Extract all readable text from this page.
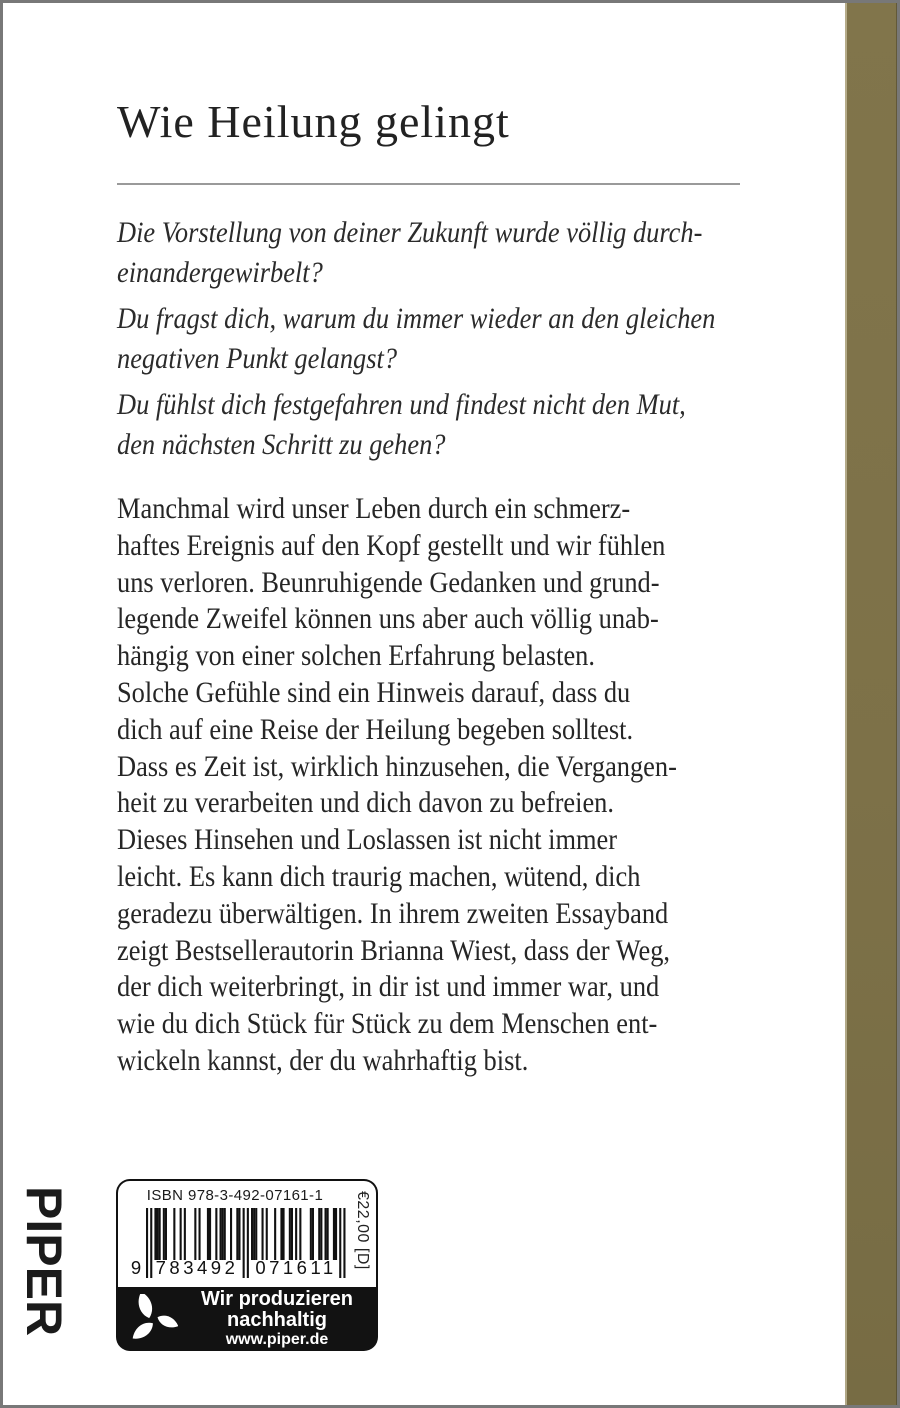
Wie Heilung gelingt

Die Vorstellung von deiner Zukunft wurde völlig durch-
einandergewirbelt?

Du fragst dich, warum du immer wieder an den gleichen
negativen Punkt gelangst?

Du fühlst dich festgefahren und findest nicht den Mut,
den nächsten Schritt zu gehen?

Manchmal wird unser Leben durch ein schmerz-
haftes Ereignis auf den Kopf gestellt und wir fühlen
uns verloren. Beunruhigende Gedanken und grund-
legende Zweifel können uns aber auch völlig unab-
hängig von einer solchen Erfahrung belasten.
Solche Gefühle sind ein Hinweis darauf, dass du
dich auf eine Reise der Heilung begeben solltest.
Dass es Zeit ist, wirklich hinzusehen, die Vergangen-
heit zu verarbeiten und dich davon zu befreien.
Dieses Hinsehen und Loslassen ist nicht immer
leicht. Es kann dich traurig machen, wütend, dich
geradezu überwältigen. In ihrem zweiten Essayband
zeigt Bestsellerautorin Brianna Wiest, dass der Weg,
der dich weiterbringt, in dir ist und immer war, und
wie du dich Stück für Stück zu dem Menschen ent-
wickeln kannst, der du wahrhaftig bist.
PIPER	ISBN 978-3-492-07161-1
9 783492 071611 €22,00 [D]
Wir produzieren
nachhaltig
www.piper.de
